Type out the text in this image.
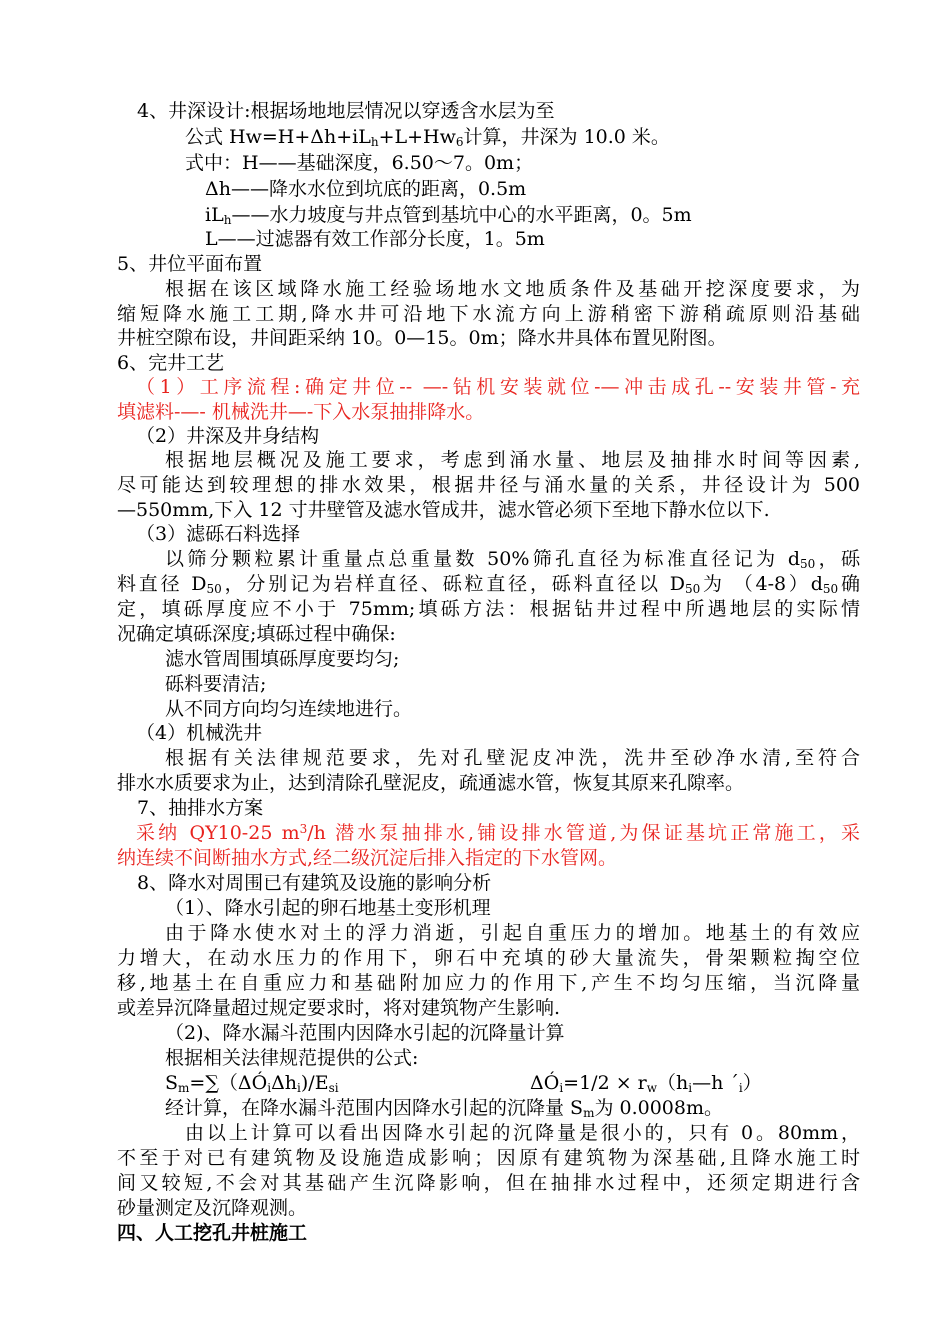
4、井深设计:根据场地地层情况以穿透含水层为至
公式 $Hw=H+\Delta h+iL_h+L+Hw_6$计算，井深为 10.0 米。
式中：H——基础深度，6.50～7。0m；
Δh——降水水位到坑底的距离，0.5m
$iL_h——$水力坡度与井点管到基坑中心的水平距离，0。5m
L——过滤器有效工作部分长度，1。5m
5、井位平面布置
根据在该区域降水施工经验场地水文地质条件及基础开挖深度要求，为
缩短降水施工工期,降水井可沿地下水流方向上游稍密下游稍疏原则沿基础
井桩空隙布设，井间距采纳 10。0—15。0m；降水井具体布置见附图。
6、完井工艺
（1）工序流程:确定井位-- —-钻机安装就位-—冲击成孔--安装井管-充
填滤料-—- 机械洗井—-下入水泵抽排降水。
（2）井深及井身结构
根据地层概况及施工要求，考虑到涌水量、地层及抽排水时间等因素,
尽可能达到较理想的排水效果，根据井径与涌水量的关系，井径设计为 500
—550mm,下入 12 寸井壁管及滤水管成井，滤水管必须下至地下静水位以下.
（3）滤砾石料选择
以筛分颗粒累计重量点总重量数 50%筛孔直径为标准直径记为 $d_{50}$，砾
料直径 $D_{50}$，分别记为岩样直径、砾粒直径，砾料直径以 $D_{50}$为 $(4-8)d_{50}$确
定，填砾厚度应不小于 75mm;填砾方法：根据钻井过程中所遇地层的实际情
况确定填砾深度;填砾过程中确保:
滤水管周围填砾厚度要均匀;
砾料要清洁;
从不同方向均匀连续地进行。
（4）机械洗井
根据有关法律规范要求，先对孔壁泥皮冲洗，洗井至砂净水清,至符合
排水水质要求为止，达到清除孔壁泥皮，疏通滤水管，恢复其原来孔隙率。
7、抽排水方案
采纳 QY10-25 $m^3/h$ 潜水泵抽排水,铺设排水管道,为保证基坑正常施工，采
纳连续不间断抽水方式,经二级沉淀后排入指定的下水管网。
8、降水对周围已有建筑及设施的影响分析
（1）、降水引起的卵石地基土变形机理
由于降水使水对土的浮力消逝，引起自重压力的增加。地基土的有效应
力增大，在动水压力的作用下，卵石中充填的砂大量流失，骨架颗粒掏空位
移,地基土在自重应力和基础附加应力的作用下,产生不均匀压缩，当沉降量
或差异沉降量超过规定要求时，将对建筑物产生影响.
（2)、降水漏斗范围内因降水引起的沉降量计算
根据相关法律规范提供的公式:
$S_m=\sum(\Delta Ó_i\Delta h_i)/E_{si}$	$\Delta Ó_i=1/2$ × $r_w(h_i—h$ $´_i$）
经计算，在降水漏斗范围内因降水引起的沉降量 $S_m$为 0.0008m。
由以上计算可以看出因降水引起的沉降量是很小的，只有 0。80mm，
不至于对已有建筑物及设施造成影响；因原有建筑物为深基础,且降水施工时
间又较短,不会对其基础产生沉降影响，但在抽排水过程中，还须定期进行含
砂量测定及沉降观测。
四、人工挖孔井桩施工
